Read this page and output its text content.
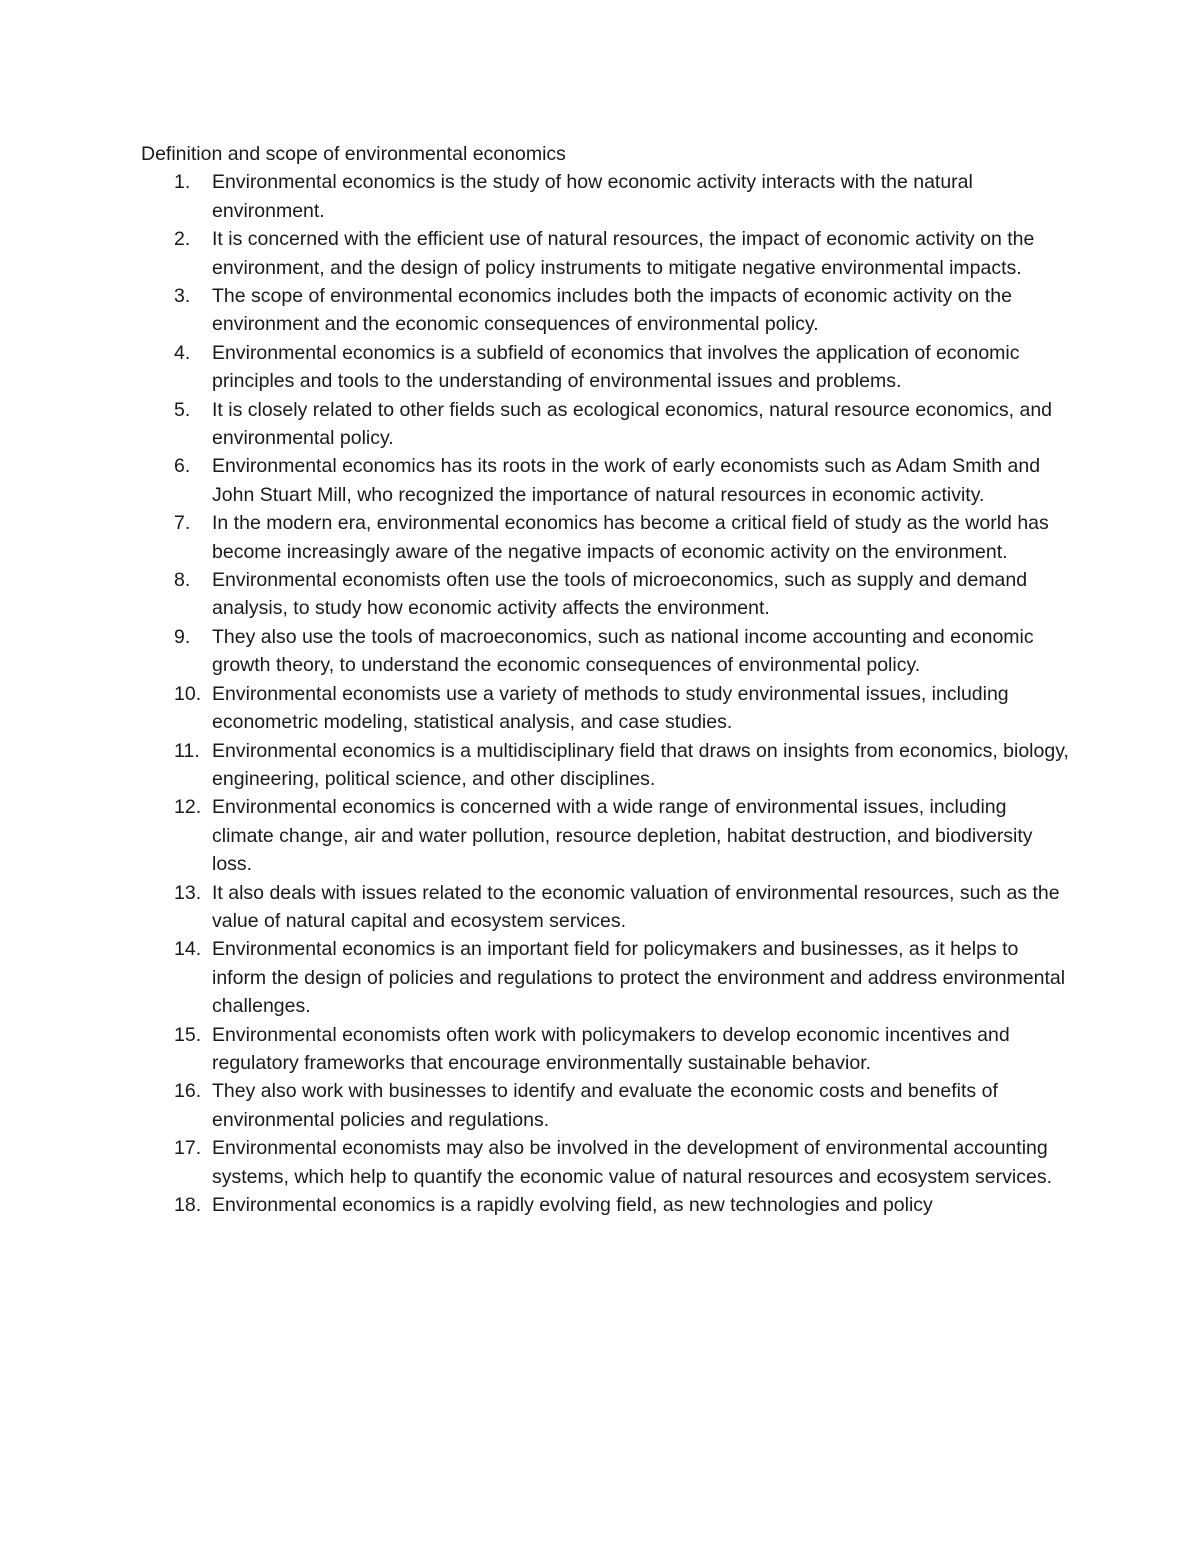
Definition and scope of environmental economics
1.	Environmental economics is the study of how economic activity interacts with the natural environment.
2.	It is concerned with the efficient use of natural resources, the impact of economic activity on the environment, and the design of policy instruments to mitigate negative environmental impacts.
3.	The scope of environmental economics includes both the impacts of economic activity on the environment and the economic consequences of environmental policy.
4.	Environmental economics is a subfield of economics that involves the application of economic principles and tools to the understanding of environmental issues and problems.
5.	It is closely related to other fields such as ecological economics, natural resource economics, and environmental policy.
6.	Environmental economics has its roots in the work of early economists such as Adam Smith and John Stuart Mill, who recognized the importance of natural resources in economic activity.
7.	In the modern era, environmental economics has become a critical field of study as the world has become increasingly aware of the negative impacts of economic activity on the environment.
8.	Environmental economists often use the tools of microeconomics, such as supply and demand analysis, to study how economic activity affects the environment.
9.	They also use the tools of macroeconomics, such as national income accounting and economic growth theory, to understand the economic consequences of environmental policy.
10. Environmental economists use a variety of methods to study environmental issues, including econometric modeling, statistical analysis, and case studies.
11. Environmental economics is a multidisciplinary field that draws on insights from economics, biology, engineering, political science, and other disciplines.
12. Environmental economics is concerned with a wide range of environmental issues, including climate change, air and water pollution, resource depletion, habitat destruction, and biodiversity loss.
13. It also deals with issues related to the economic valuation of environmental resources, such as the value of natural capital and ecosystem services.
14. Environmental economics is an important field for policymakers and businesses, as it helps to inform the design of policies and regulations to protect the environment and address environmental challenges.
15. Environmental economists often work with policymakers to develop economic incentives and regulatory frameworks that encourage environmentally sustainable behavior.
16. They also work with businesses to identify and evaluate the economic costs and benefits of environmental policies and regulations.
17. Environmental economists may also be involved in the development of environmental accounting systems, which help to quantify the economic value of natural resources and ecosystem services.
18. Environmental economics is a rapidly evolving field, as new technologies and policy
